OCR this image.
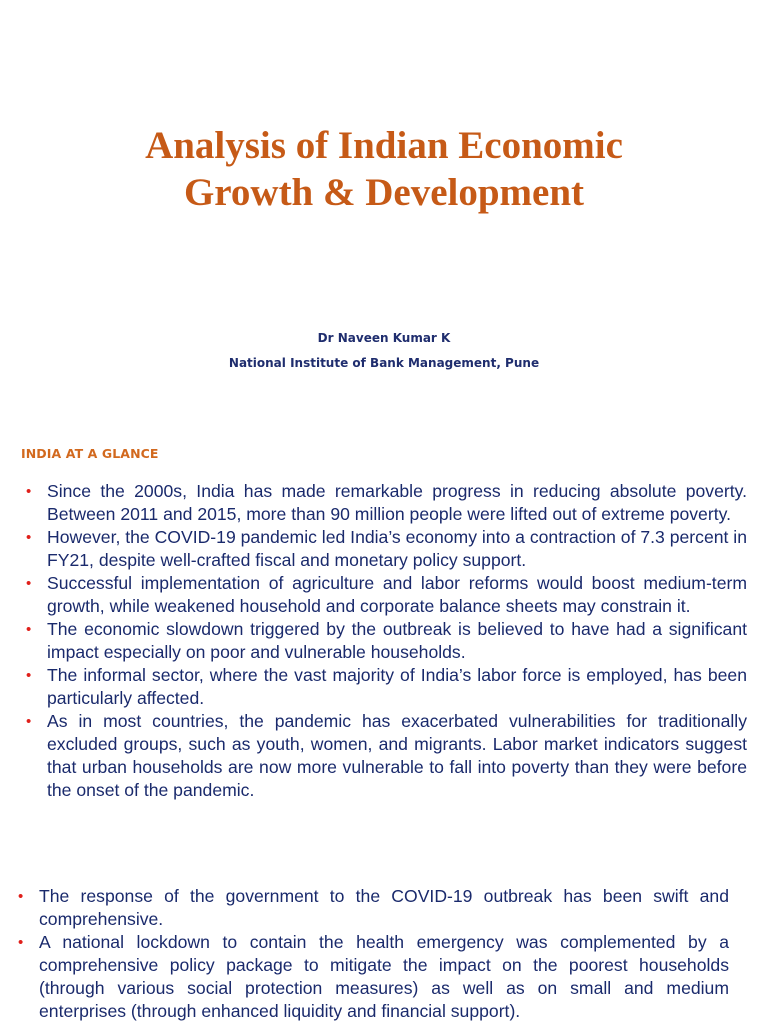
Analysis of Indian Economic
Growth & Development
Dr Naveen Kumar K
National Institute of Bank Management, Pune
INDIA AT A GLANCE
• Since the 2000s, India has made remarkable progress in reducing absolute poverty. Between 2011 and 2015, more than 90 million people were lifted out of extreme poverty.
• However, the COVID-19 pandemic led India’s economy into a contraction of 7.3 percent in FY21, despite well-crafted fiscal and monetary policy support.
• Successful implementation of agriculture and labor reforms would boost medium-term growth, while weakened household and corporate balance sheets may constrain it.
• The economic slowdown triggered by the outbreak is believed to have had a significant impact especially on poor and vulnerable households.
• The informal sector, where the vast majority of India’s labor force is employed, has been particularly affected.
• As in most countries, the pandemic has exacerbated vulnerabilities for traditionally excluded groups, such as youth, women, and migrants. Labor market indicators suggest that urban households are now more vulnerable to fall into poverty than they were before the onset of the pandemic.
• The response of the government to the COVID-19 outbreak has been swift and comprehensive.
• A national lockdown to contain the health emergency was complemented by a comprehensive policy package to mitigate the impact on the poorest households (through various social protection measures) as well as on small and medium enterprises (through enhanced liquidity and financial support).
